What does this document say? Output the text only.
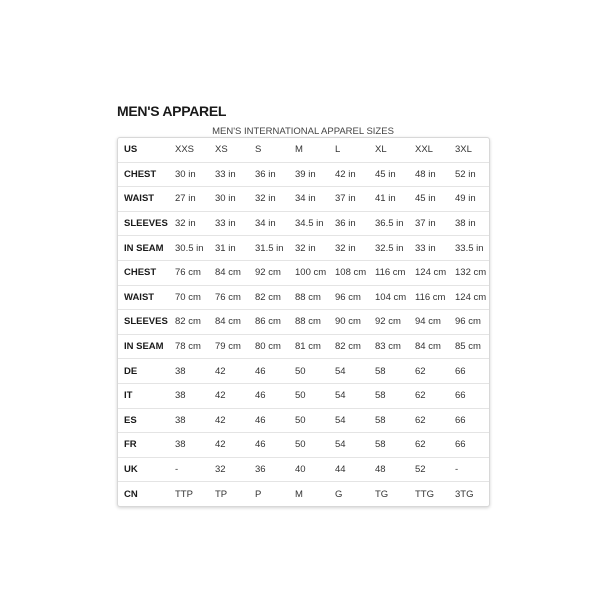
MEN'S APPAREL
MEN'S INTERNATIONAL APPAREL SIZES
US	XXS	XS	S	M	L	XL	XXL	3XL
CHEST	30 in	33 in	36 in	39 in	42 in	45 in	48 in	52 in
WAIST	27 in	30 in	32 in	34 in	37 in	41 in	45 in	49 in
SLEEVES	32 in	33 in	34 in	34.5 in	36 in	36.5 in	37 in	38 in
IN SEAM	30.5 in	31 in	31.5 in	32 in	32 in	32.5 in	33 in	33.5 in
CHEST	76 cm	84 cm	92 cm	100 cm	108 cm	116 cm	124 cm	132 cm
WAIST	70 cm	76 cm	82 cm	88 cm	96 cm	104 cm	116 cm	124 cm
SLEEVES	82 cm	84 cm	86 cm	88 cm	90 cm	92 cm	94 cm	96 cm
IN SEAM	78 cm	79 cm	80 cm	81 cm	82 cm	83 cm	84 cm	85 cm
DE	38	42	46	50	54	58	62	66
IT	38	42	46	50	54	58	62	66
ES	38	42	46	50	54	58	62	66
FR	38	42	46	50	54	58	62	66
UK	-	32	36	40	44	48	52	-
CN	TTP	TP	P	M	G	TG	TTG	3TG
